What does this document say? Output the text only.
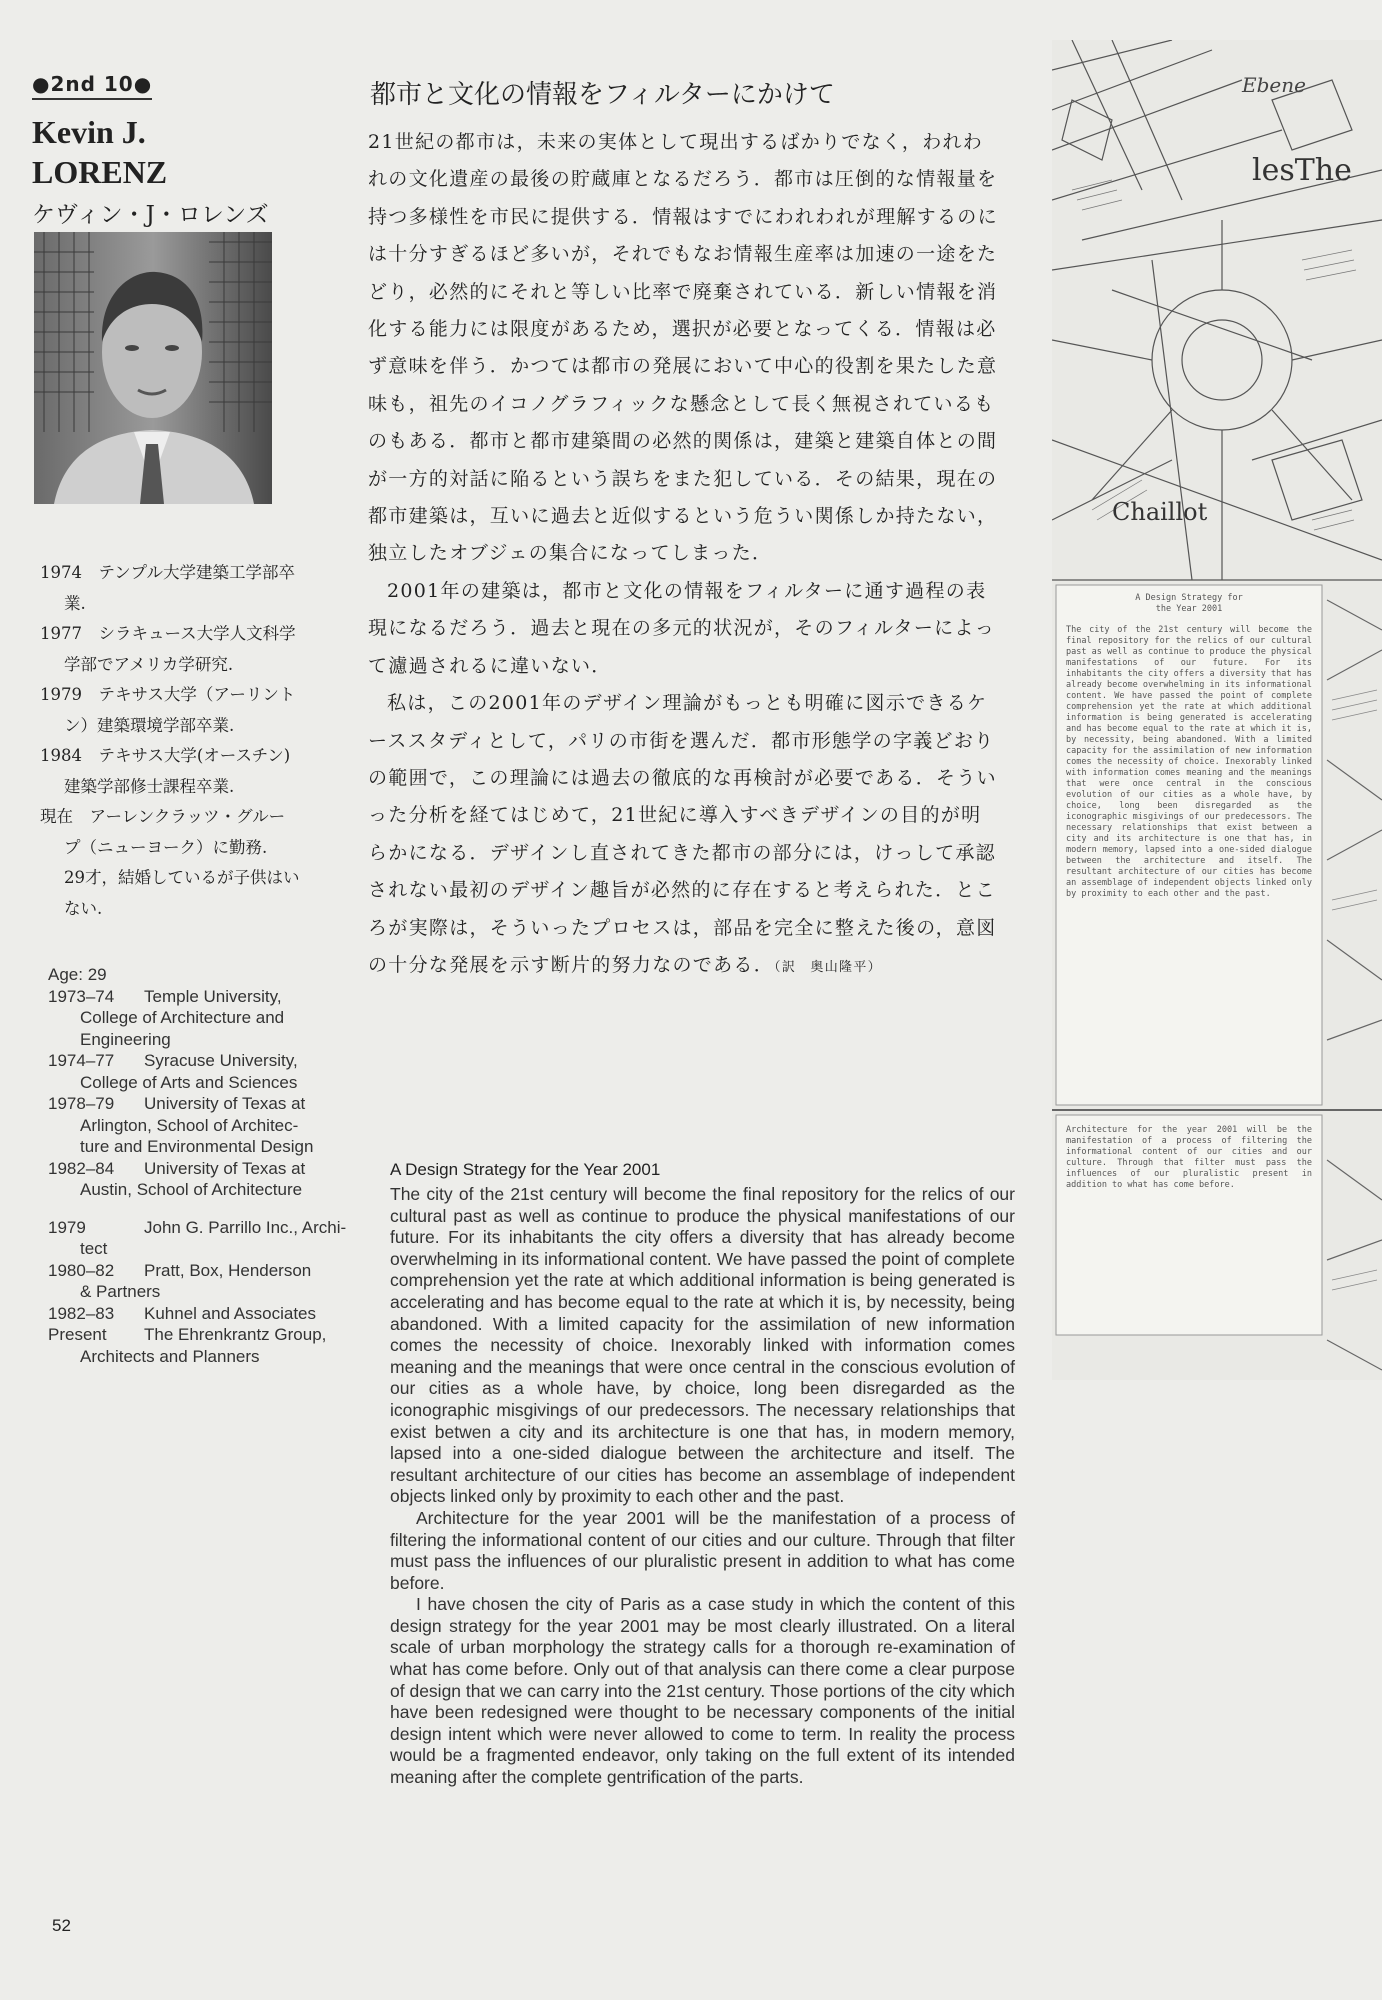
●2nd 10●
Kevin J.
LORENZ
ケヴィン・J・ロレンズ

1974　 テンプル大学建築工学部卒

業.

1977　 シラキュース大学人文科学

学部でアメリカ学研究.

1979　 テキサス大学（アーリント

ン）建築環境学部卒業.

1984　 テキサス大学(オースチン)

建築学部修士課程卒業.

現在　 アーレンクラッツ・グルー

プ（ニューヨーク）に勤務.

29才，結婚しているが子供はい

ない.

Age: 29
1973–74	Temple University,
College of Architecture and
Engineering
1974–77	Syracuse University,
College of Arts and Sciences
1978–79	University of Texas at
Arlington, School of Architec-
ture and Environmental Design
1982–84	University of Texas at
Austin, School of Architecture
1979	John G. Parrillo Inc., Archi-
tect
1980–82	Pratt, Box, Henderson
& Partners
1982–83	Kuhnel and Associates
Present	The Ehrenkrantz Group,
Architects and Planners
都市と文化の情報をフィルターにかけて

21世紀の都市は，未来の実体として現出するばかりでなく，われわれの文化遺産の最後の貯蔵庫となるだろう．都市は圧倒的な情報量を持つ多様性を市民に提供する．情報はすでにわれわれが理解するのには十分すぎるほど多いが，それでもなお情報生産率は加速の一途をたどり，必然的にそれと等しい比率で廃棄されている．新しい情報を消化する能力には限度があるため，選択が必要となってくる．情報は必ず意味を伴う．かつては都市の発展において中心的役割を果たした意味も，祖先のイコノグラフィックな懸念として長く無視されているものもある．都市と都市建築間の必然的関係は，建築と建築自体との間が一方的対話に陥るという誤ちをまた犯している．その結果，現在の都市建築は，互いに過去と近似するという危うい関係しか持たない，独立したオブジェの集合になってしまった．

2001年の建築は，都市と文化の情報をフィルターに通す過程の表現になるだろう．過去と現在の多元的状況が，そのフィルターによって濾過されるに違いない．

私は，この2001年のデザイン理論がもっとも明確に図示できるケーススタディとして，パリの市街を選んだ．都市形態学の字義どおりの範囲で，この理論には過去の徹底的な再検討が必要である．そういった分析を経てはじめて，21世紀に導入すべきデザインの目的が明らかになる．デザインし直されてきた都市の部分には，けっして承認されない最初のデザイン趣旨が必然的に存在すると考えられた．ところが実際は，そういったプロセスは，部品を完全に整えた後の，意図の十分な発展を示す断片的努力なのである．（訳　奥山隆平）

A Design Strategy for the Year 2001

The city of the 21st century will become the final repository for the relics of our cultural past as well as continue to produce the physical manifestations of our future. For its inhabitants the city offers a diversity that has already become overwhelming in its informational content. We have passed the point of complete comprehension yet the rate at which additional information is being generated is accelerating and has become equal to the rate at which it is, by necessity, being abandoned. With a limited capacity for the assimilation of new information comes the necessity of choice. Inexorably linked with information comes meaning and the meanings that were once central in the conscious evolution of our cities as a whole have, by choice, long been disregarded as the iconographic misgivings of our predecessors. The necessary relationships that exist betwen a city and its architecture is one that has, in modern memory, lapsed into a one-sided dialogue between the architecture and itself. The resultant architecture of our cities has become an assemblage of independent objects linked only by proximity to each other and the past.

Architecture for the year 2001 will be the manifestation of a process of filtering the informational content of our cities and our culture. Through that filter must pass the influences of our pluralistic present in addition to what has come before.

I have chosen the city of Paris as a case study in which the content of this design strategy for the year 2001 may be most clearly illustrated. On a literal scale of urban morphology the strategy calls for a thorough re-examination of what has come before. Only out of that analysis can there come a clear purpose of design that we can carry into the 21st century. Those portions of the city which have been redesigned were thought to be necessary components of the initial design intent which were never allowed to come to term. In reality the process would be a fragmented endeavor, only taking on the full extent of its intended meaning after the complete gentrification of the parts.

52
Ebene
lesThe
Chaillot
A Design Strategy for
the Year 2001
The city of the 21st century will become the final repository for the relics of our cultural past as well as continue to produce the physical manifestations of our future. For its inhabitants the city offers a diversity that has already become overwhelming in its informational content. We have passed the point of complete comprehension yet the rate at which additional information is being generated is accelerating and has become equal to the rate at which it is, by necessity, being abandoned. With a limited capacity for the assimilation of new information comes the necessity of choice. Inexorably linked with information comes meaning and the meanings that were once central in the conscious evolution of our cities as a whole have, by choice, long been disregarded as the iconographic misgivings of our predecessors. The necessary relationships that exist between a city and its architecture is one that has, in modern memory, lapsed into a one-sided dialogue between the architecture and itself. The resultant architecture of our cities has become an assemblage of independent objects linked only by proximity to each other and the past.
Architecture for the year 2001 will be the manifestation of a process of filtering the informational content of our cities and our culture. Through that filter must pass the influences of our pluralistic present in addition to what has come before.
